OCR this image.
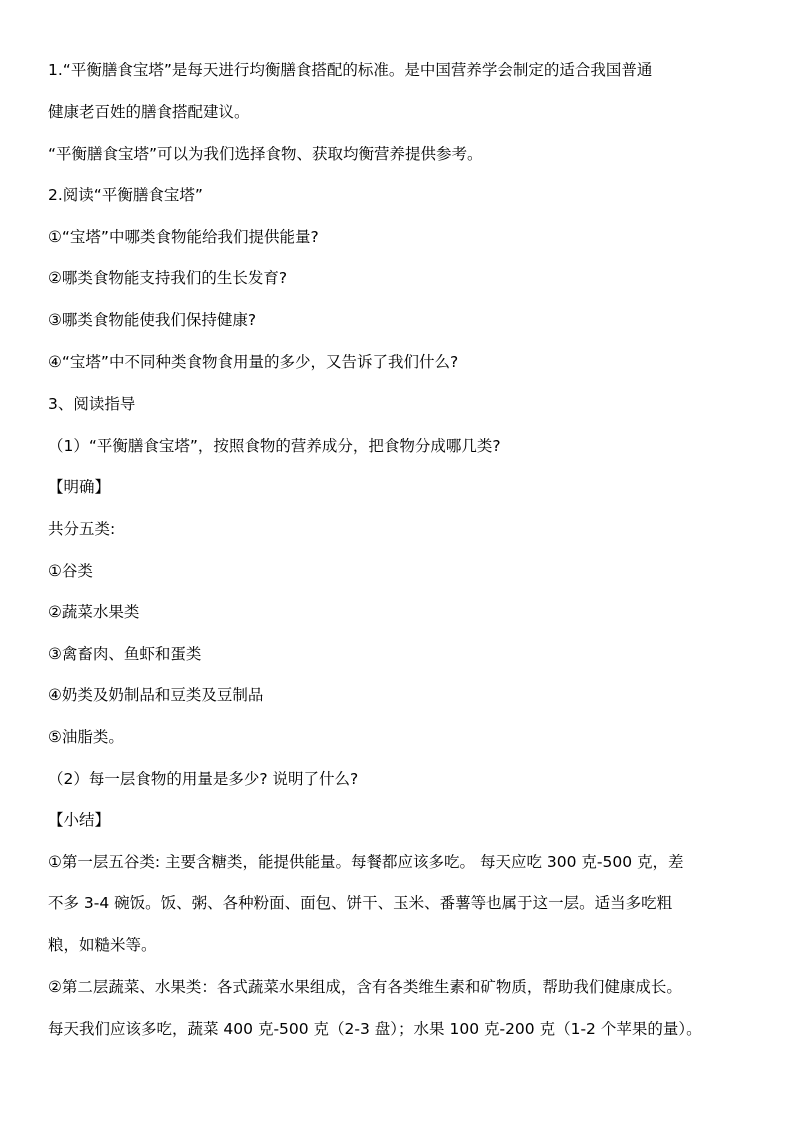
1.“平衡膳食宝塔”是每天进行均衡膳食搭配的标准。是中国营养学会制定的适合我国普通
健康老百姓的膳食搭配建议。
“平衡膳食宝塔”可以为我们选择食物、获取均衡营养提供参考。
2.阅读“平衡膳食宝塔”
①“宝塔”中哪类食物能给我们提供能量?
②哪类食物能支持我们的生长发育?
③哪类食物能使我们保持健康?
④“宝塔”中不同种类食物食用量的多少，又告诉了我们什么?
3、阅读指导
（1）“平衡膳食宝塔”，按照食物的营养成分，把食物分成哪几类?
【明确】
共分五类:
①谷类
②蔬菜水果类
③禽畜肉、鱼虾和蛋类
④奶类及奶制品和豆类及豆制品
⑤油脂类。
（2）每一层食物的用量是多少? 说明了什么?
【小结】
①第一层五谷类: 主要含糖类，能提供能量。每餐都应该多吃。 每天应吃 300 克-500 克，差
不多 3-4 碗饭。饭、粥、各种粉面、面包、饼干、玉米、番薯等也属于这一层。适当多吃粗
粮，如糙米等。
②第二层蔬菜、水果类：各式蔬菜水果组成，含有各类维生素和矿物质，帮助我们健康成长。
每天我们应该多吃，蔬菜 400 克-500 克（2-3 盘）；水果 100 克-200 克（1-2 个苹果的量）。
